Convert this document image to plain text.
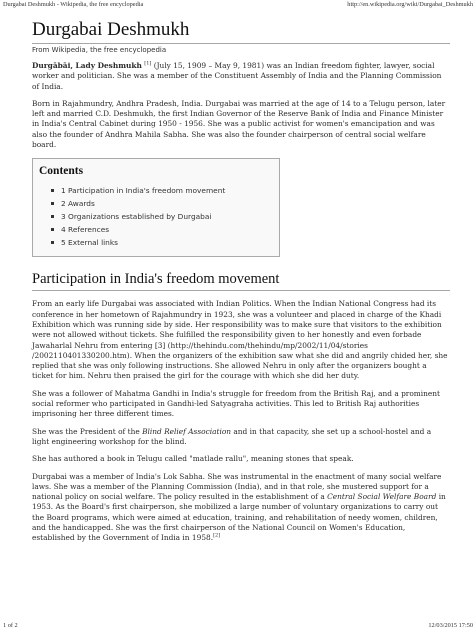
Durgabai Deshmukh - Wikipedia, the free encyclopedia	http://en.wikipedia.org/wiki/Durgabai_Deshmukh
Durgabai Deshmukh
From Wikipedia, the free encyclopedia

Durgābāi, Lady Deshmukh [1] (July 15, 1909 – May 9, 1981) was an Indian freedom fighter, lawyer, social worker and politician. She was a member of the Constituent Assembly of India and the Planning Commission of India.

Born in Rajahmundry, Andhra Pradesh, India. Durgabai was married at the age of 14 to a Telugu person, later left and married C.D. Deshmukh, the first Indian Governor of the Reserve Bank of India and Finance Minister in India's Central Cabinet during 1950 - 1956. She was a public activist for women's emancipation and was also the founder of Andhra Mahila Sabha. She was also the founder chairperson of central social welfare board.

Contents
1 Participation in India's freedom movement
2 Awards
3 Organizations established by Durgabai
4 References
5 External links
Participation in India's freedom movement

From an early life Durgabai was associated with Indian Politics. When the Indian National Congress had its conference in her hometown of Rajahmundry in 1923, she was a volunteer and placed in charge of the Khadi Exhibition which was running side by side. Her responsibility was to make sure that visitors to the exhibition were not allowed without tickets. She fulfilled the responsibility given to her honestly and even forbade Jawaharlal Nehru from entering [3] (http://thehindu.com/thehindu/mp/2002/11/04/stories /2002110401330200.htm). When the organizers of the exhibition saw what she did and angrily chided her, she replied that she was only following instructions. She allowed Nehru in only after the organizers bought a ticket for him. Nehru then praised the girl for the courage with which she did her duty.

She was a follower of Mahatma Gandhi in India's struggle for freedom from the British Raj, and a prominent social reformer who participated in Gandhi-led Satyagraha activities. This led to British Raj authorities imprisoning her three different times.

She was the President of the Blind Relief Association and in that capacity, she set up a school-hostel and a light engineering workshop for the blind.

She has authored a book in Telugu called "matlade rallu", meaning stones that speak.

Durgabai was a member of India's Lok Sabha. She was instrumental in the enactment of many social welfare laws. She was a member of the Planning Commission (India), and in that role, she mustered support for a national policy on social welfare. The policy resulted in the establishment of a Central Social Welfare Board in 1953. As the Board's first chairperson, she mobilized a large number of voluntary organizations to carry out the Board programs, which were aimed at education, training, and rehabilitation of needy women, children, and the handicapped. She was the first chairperson of the National Council on Women's Education, established by the Government of India in 1958.[2]

1 of 2	12/03/2015 17:50
